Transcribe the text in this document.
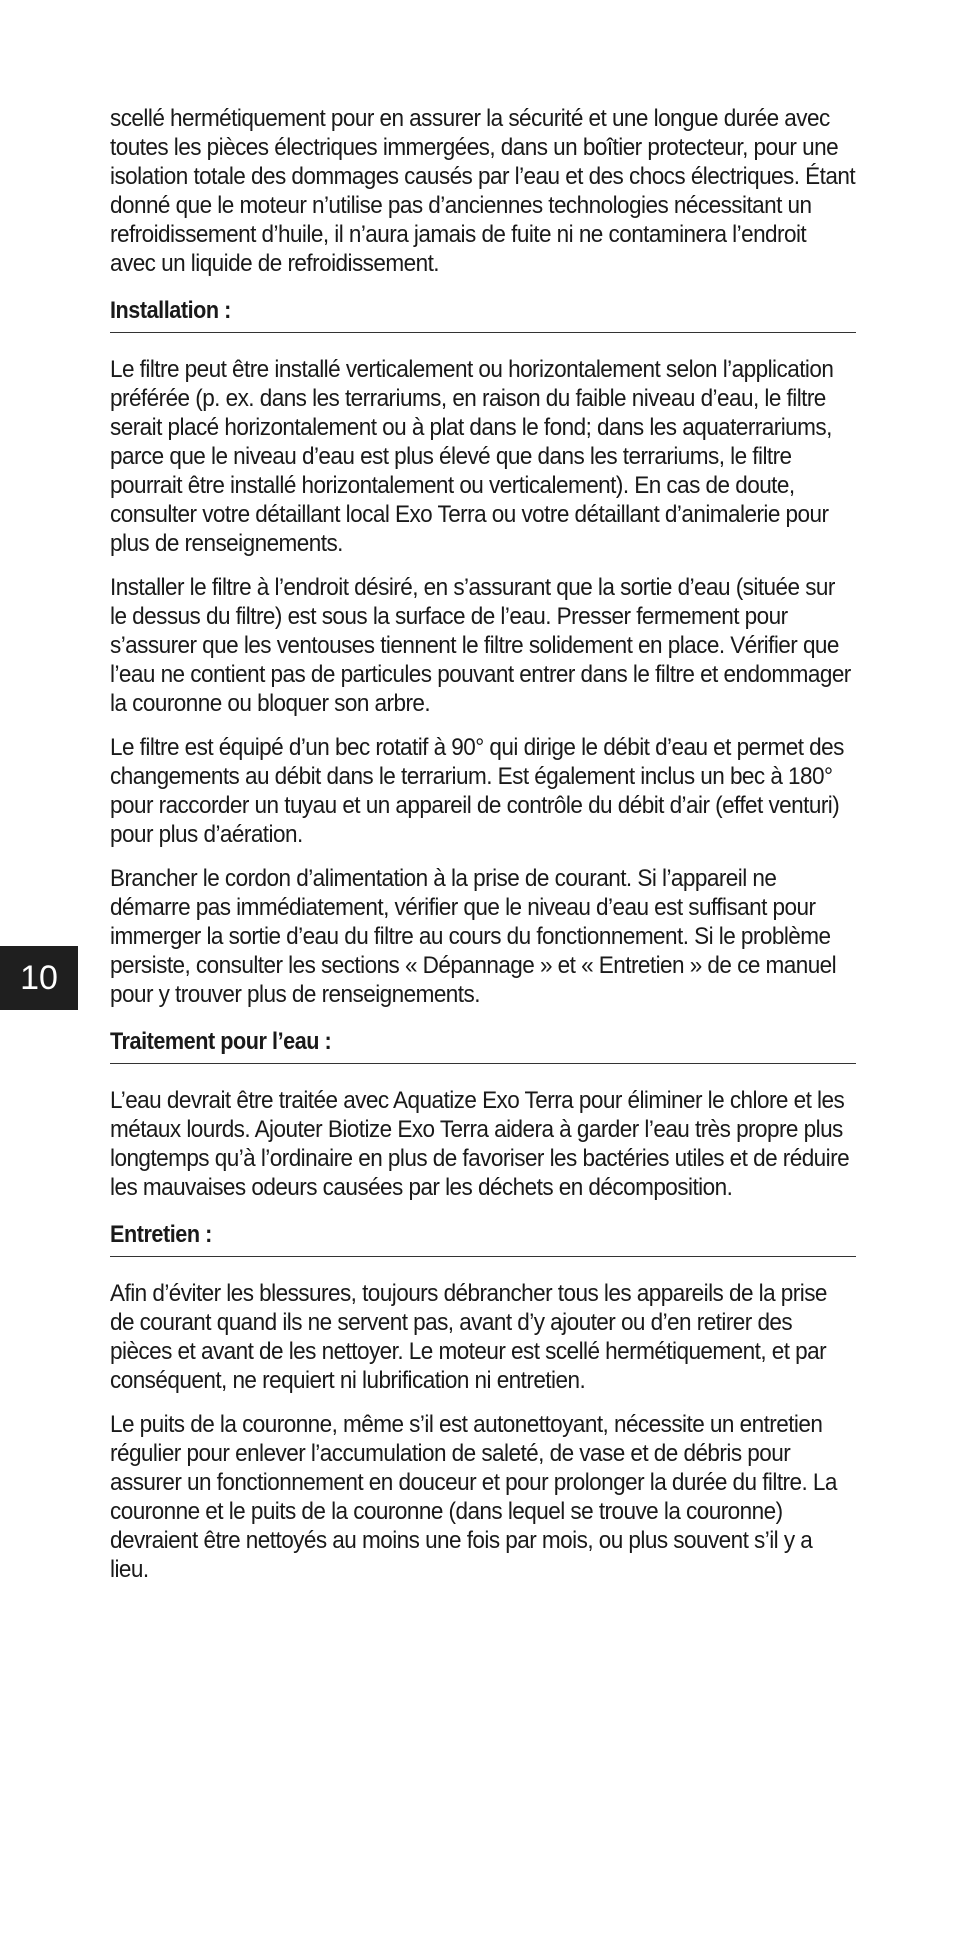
10

scellé hermétiquement pour en assurer la sécurité et une longue durée avec toutes les pièces électriques immergées, dans un boîtier protecteur, pour une isolation totale des dommages causés par l’eau et des chocs électriques. Étant donné que le moteur n’utilise pas d’anciennes technologies nécessitant un refroidissement d’huile, il n’aura jamais de fuite ni ne contaminera l’endroit avec un liquide de refroidissement.

Installation :

Le filtre peut être installé verticalement ou horizontalement selon l’application préférée (p. ex. dans les terrariums, en raison du faible niveau d’eau, le filtre serait placé horizontalement ou à plat dans le fond; dans les aquaterrariums, parce que le niveau d’eau est plus élevé que dans les terrariums, le filtre pourrait être installé horizontalement ou verticalement). En cas de doute, consulter votre détaillant local Exo Terra ou votre détaillant d’animalerie pour plus de renseignements.

Installer le filtre à l’endroit désiré, en s’assurant que la sortie d’eau (située sur le dessus du filtre) est sous la surface de l’eau. Presser fermement pour s’assurer que les ventouses tiennent le filtre solidement en place. Vérifier que l’eau ne contient pas de particules pouvant entrer dans le filtre et endommager la couronne ou bloquer son arbre.

Le filtre est équipé d’un bec rotatif à 90° qui dirige le débit d’eau et permet des changements au débit dans le terrarium. Est également inclus un bec à 180° pour raccorder un tuyau et un appareil de contrôle du débit d’air (effet venturi) pour plus d’aération.

Brancher le cordon d’alimentation à la prise de courant. Si l’appareil ne démarre pas immédiatement, vérifier que le niveau d’eau est suffisant pour immerger la sortie d’eau du filtre au cours du fonctionnement. Si le problème persiste, consulter les sections « Dépannage » et « Entretien » de ce manuel pour y trouver plus de renseignements.

Traitement pour l’eau :

L’eau devrait être traitée avec Aquatize Exo Terra pour éliminer le chlore et les métaux lourds. Ajouter Biotize Exo Terra aidera à garder l’eau très propre plus longtemps qu’à l’ordinaire en plus de favoriser les bactéries utiles et de réduire les mauvaises odeurs causées par les déchets en décomposition.

Entretien :

Afin d’éviter les blessures, toujours débrancher tous les appareils de la prise de courant quand ils ne servent pas, avant d’y ajouter ou d’en retirer des pièces et avant de les nettoyer. Le moteur est scellé hermétiquement, et par conséquent, ne requiert ni lubrification ni entretien.

Le puits de la couronne, même s’il est autonettoyant, nécessite un entretien régulier pour enlever l’accumulation de saleté, de vase et de débris pour assurer un fonctionnement en douceur et pour prolonger la durée du filtre. La couronne et le puits de la couronne (dans lequel se trouve la couronne) devraient être nettoyés au moins une fois par mois, ou plus souvent s’il y a lieu.
